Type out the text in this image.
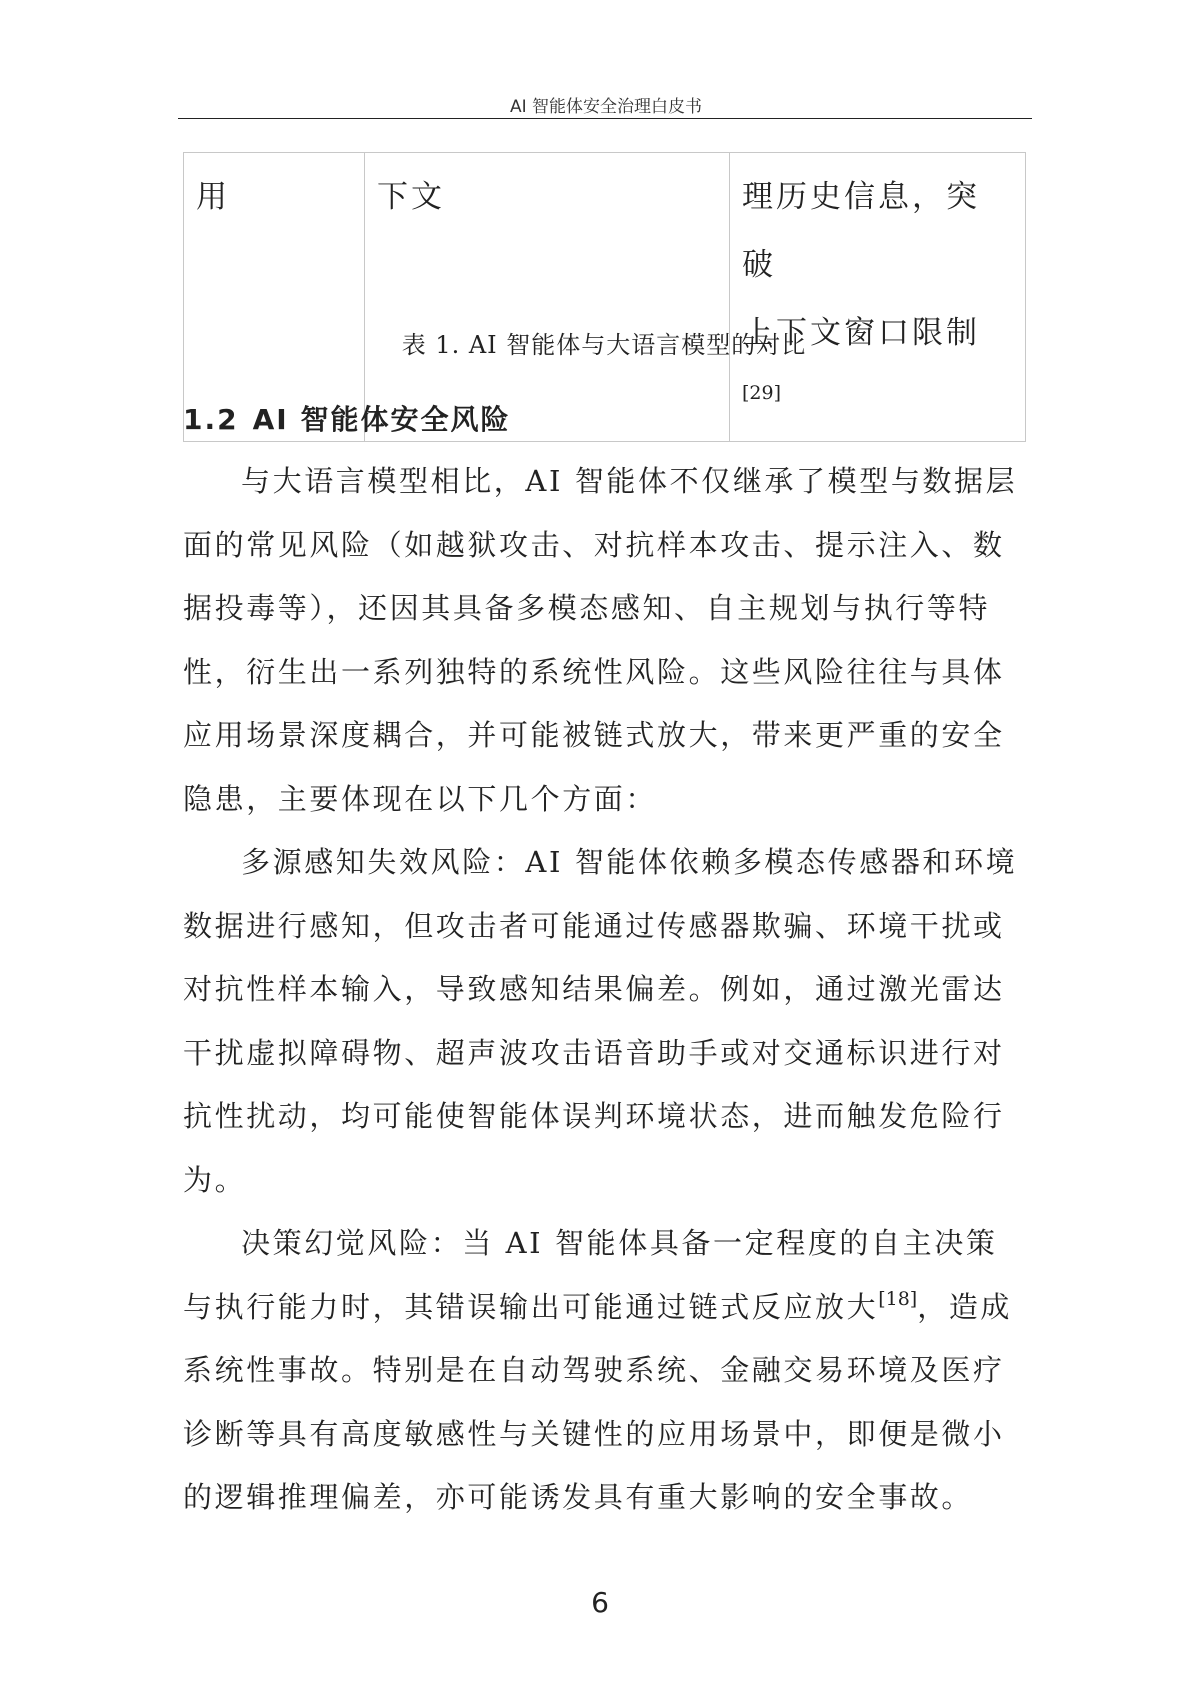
AI 智能体安全治理白皮书
用	下文	理历史信息，突破
上下文窗口限制[29]
表 1. AI 智能体与大语言模型的对比
1.2 AI 智能体安全风险

与大语言模型相比，AI 智能体不仅继承了模型与数据层面的常见风险（如越狱攻击、对抗样本攻击、提示注入、数据投毒等），还因其具备多模态感知、自主规划与执行等特性，衍生出一系列独特的系统性风险。这些风险往往与具体应用场景深度耦合，并可能被链式放大，带来更严重的安全隐患，主要体现在以下几个方面：

多源感知失效风险：AI 智能体依赖多模态传感器和环境数据进行感知，但攻击者可能通过传感器欺骗、环境干扰或对抗性样本输入，导致感知结果偏差。例如，通过激光雷达干扰虚拟障碍物、超声波攻击语音助手或对交通标识进行对抗性扰动，均可能使智能体误判环境状态，进而触发危险行为。

决策幻觉风险：当 AI 智能体具备一定程度的自主决策与执行能力时，其错误输出可能通过链式反应放大[18]，造成系统性事故。特别是在自动驾驶系统、金融交易环境及医疗诊断等具有高度敏感性与关键性的应用场景中，即便是微小的逻辑推理偏差，亦可能诱发具有重大影响的安全事故。

6
